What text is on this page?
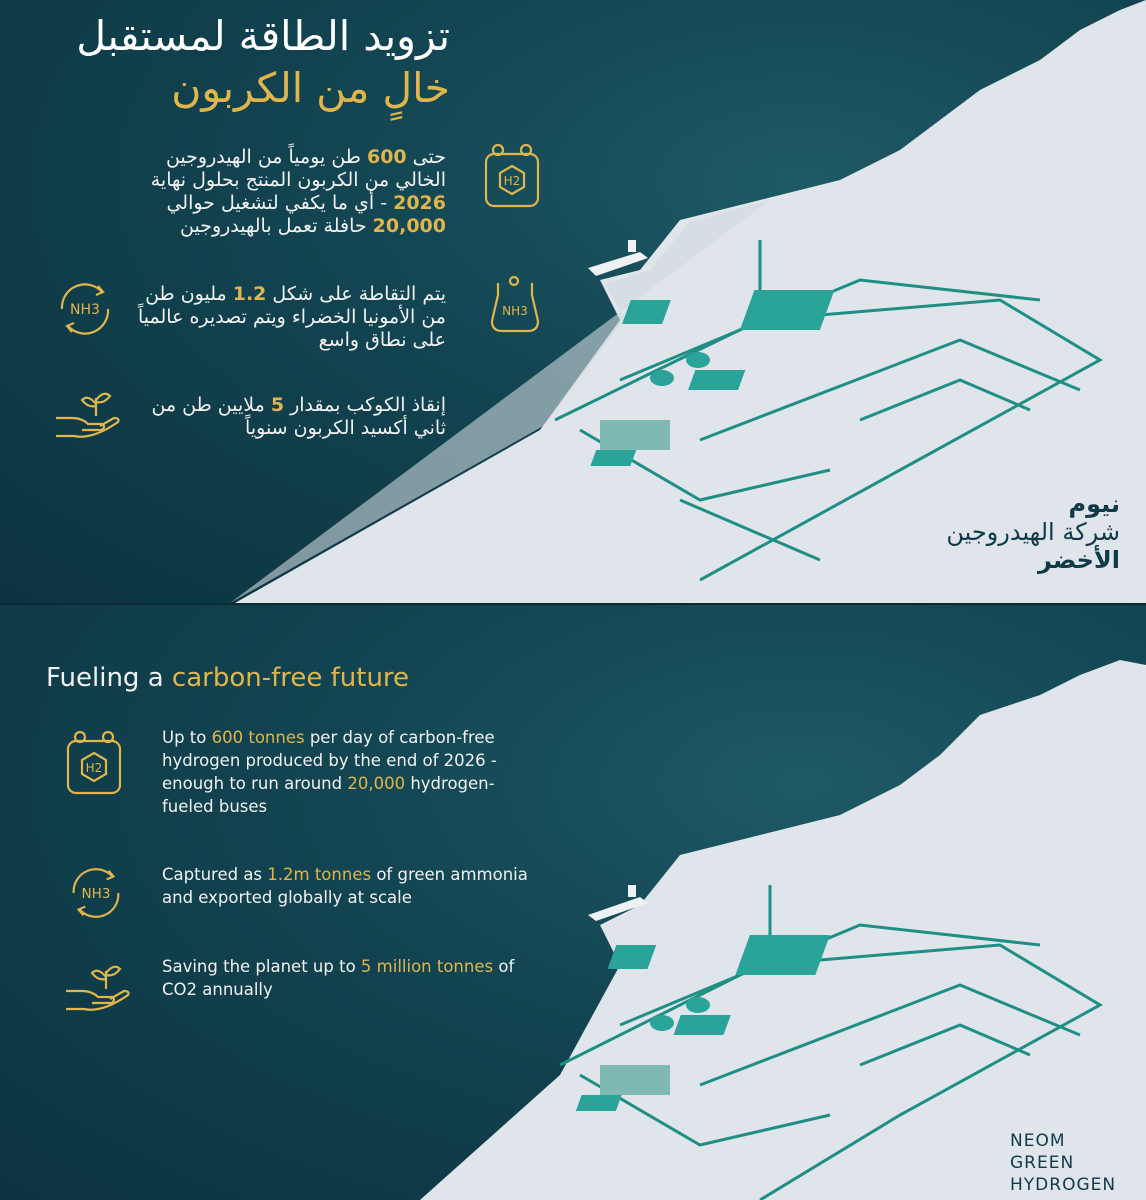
تزويد الطاقة لمستقبل
خالٍ من الكربون
حتى 600 طن يومياً من الهيدروجين الخالي من الكربون المنتج بحلول نهاية 2026 - أي ما يكفي لتشغيل حوالي 20,000 حافلة تعمل بالهيدروجين
H2
يتم التقاطة على شكل 1.2 مليون طن من الأمونيا الخضراء ويتم تصديره عالمياً على نطاق واسع
NH3
NH3
إنقاذ الكوكب بمقدار 5 ملايين طن من ثاني أكسيد الكربون سنوياً
نيوم
شركة الهيدروجين
الأخضر
Fueling a carbon-free future
H2
Up to 600 tonnes per day of carbon-free hydrogen produced by the end of 2026 - enough to run around 20,000 hydrogen-fueled buses
NH3
Captured as 1.2m tonnes of green ammonia and exported globally at scale
Saving the planet up to 5 million tonnes of CO2 annually
NEOM
GREEN
HYDROGEN
